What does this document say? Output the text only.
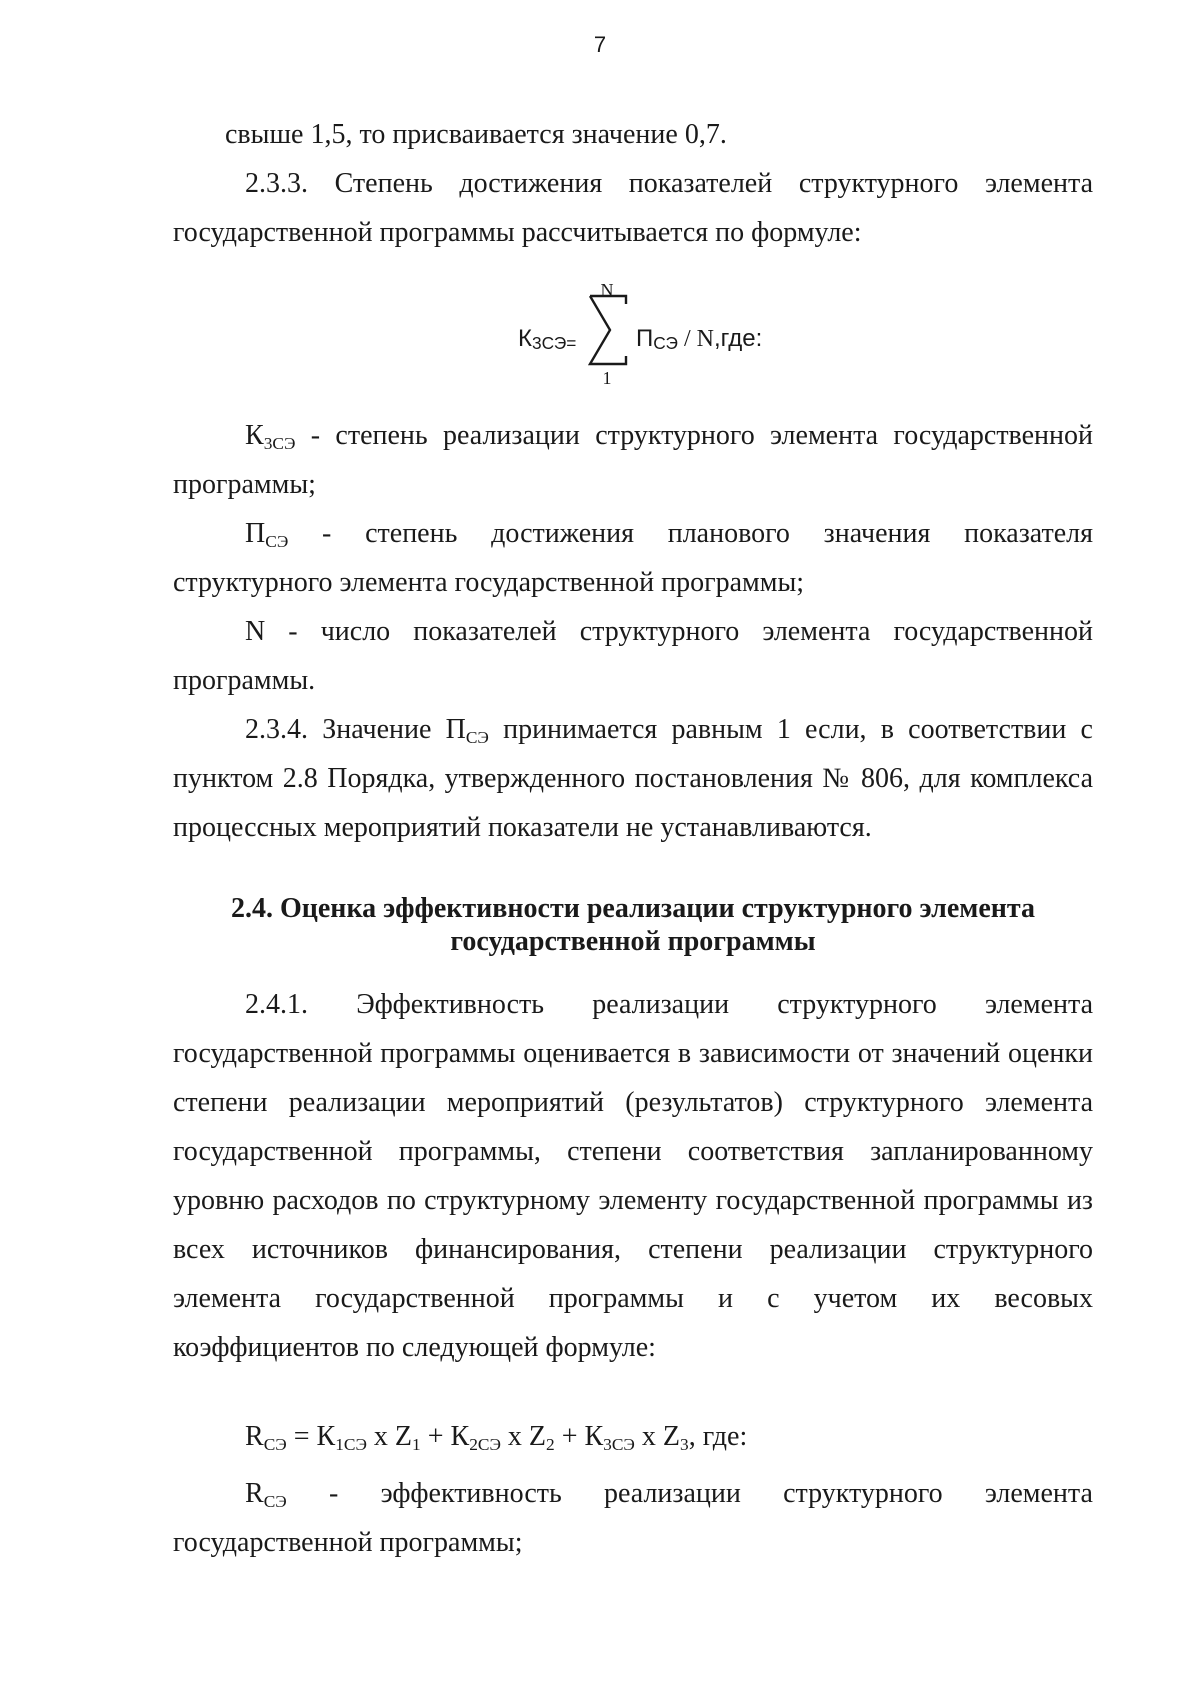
7

свыше 1,5, то присваивается значение 0,7.

2.3.3. Степень достижения показателей структурного элемента государственной программы рассчитывается по формуле:

$К_{3СЭ=}$
N
1
$П_{СЭ} / N,где$:

$К_{3СЭ}$ - степень реализации структурного элемента государственной программы;

$П_{СЭ}$ - степень достижения планового значения показателя

структурного элемента государственной программы;

N - число показателей структурного элемента государственной программы.

2.3.4. Значение $П_{СЭ}$ принимается равным 1 если, в соответствии с пунктом 2.8 Порядка, утвержденного постановления № 806, для комплекса процессных мероприятий показатели не устанавливаются.

2.4. Оценка эффективности реализации структурного элемента
государственной программы

2.4.1. Эффективность реализации структурного элемента государственной программы оценивается в зависимости от значений оценки степени реализации мероприятий (результатов) структурного элемента государственной программы, степени соответствия запланированному уровню расходов по структурному элементу государственной программы из всех источников финансирования, степени реализации структурного элемента государственной программы и с учетом их весовых коэффициентов по следующей формуле:

$R_{СЭ} = К_{1СЭ}$ х $Z_1 + К_{2СЭ}$ х $Z_2 + К_{3СЭ}$ х $Z_3$, где:

$R_{СЭ}$ - эффективность реализации структурного элемента

государственной программы;
